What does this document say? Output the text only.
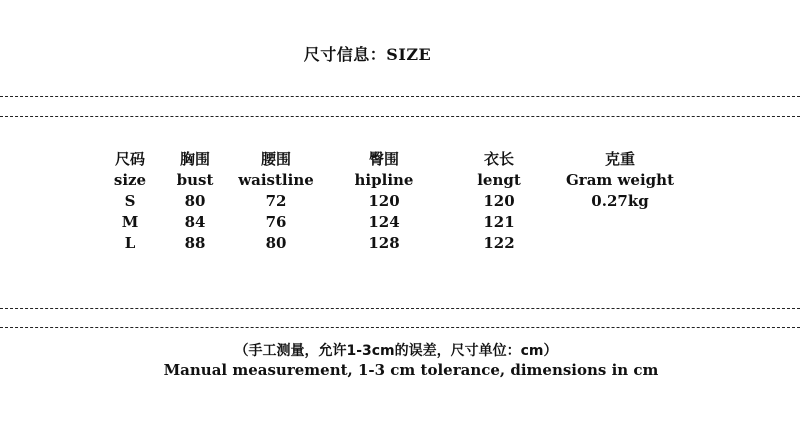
尺寸信息：SIZE
尺码
size
S
M
L
胸围
bust
80
84
88
腰围
waistline
72
76
80
臀围
hipline
120
124
128
衣长
lengt
120
121
122
克重
Gram weight
0.27kg
（手工测量，允许1-3cm的误差，尺寸单位：cm）
Manual measurement, 1-3 cm tolerance, dimensions in cm
